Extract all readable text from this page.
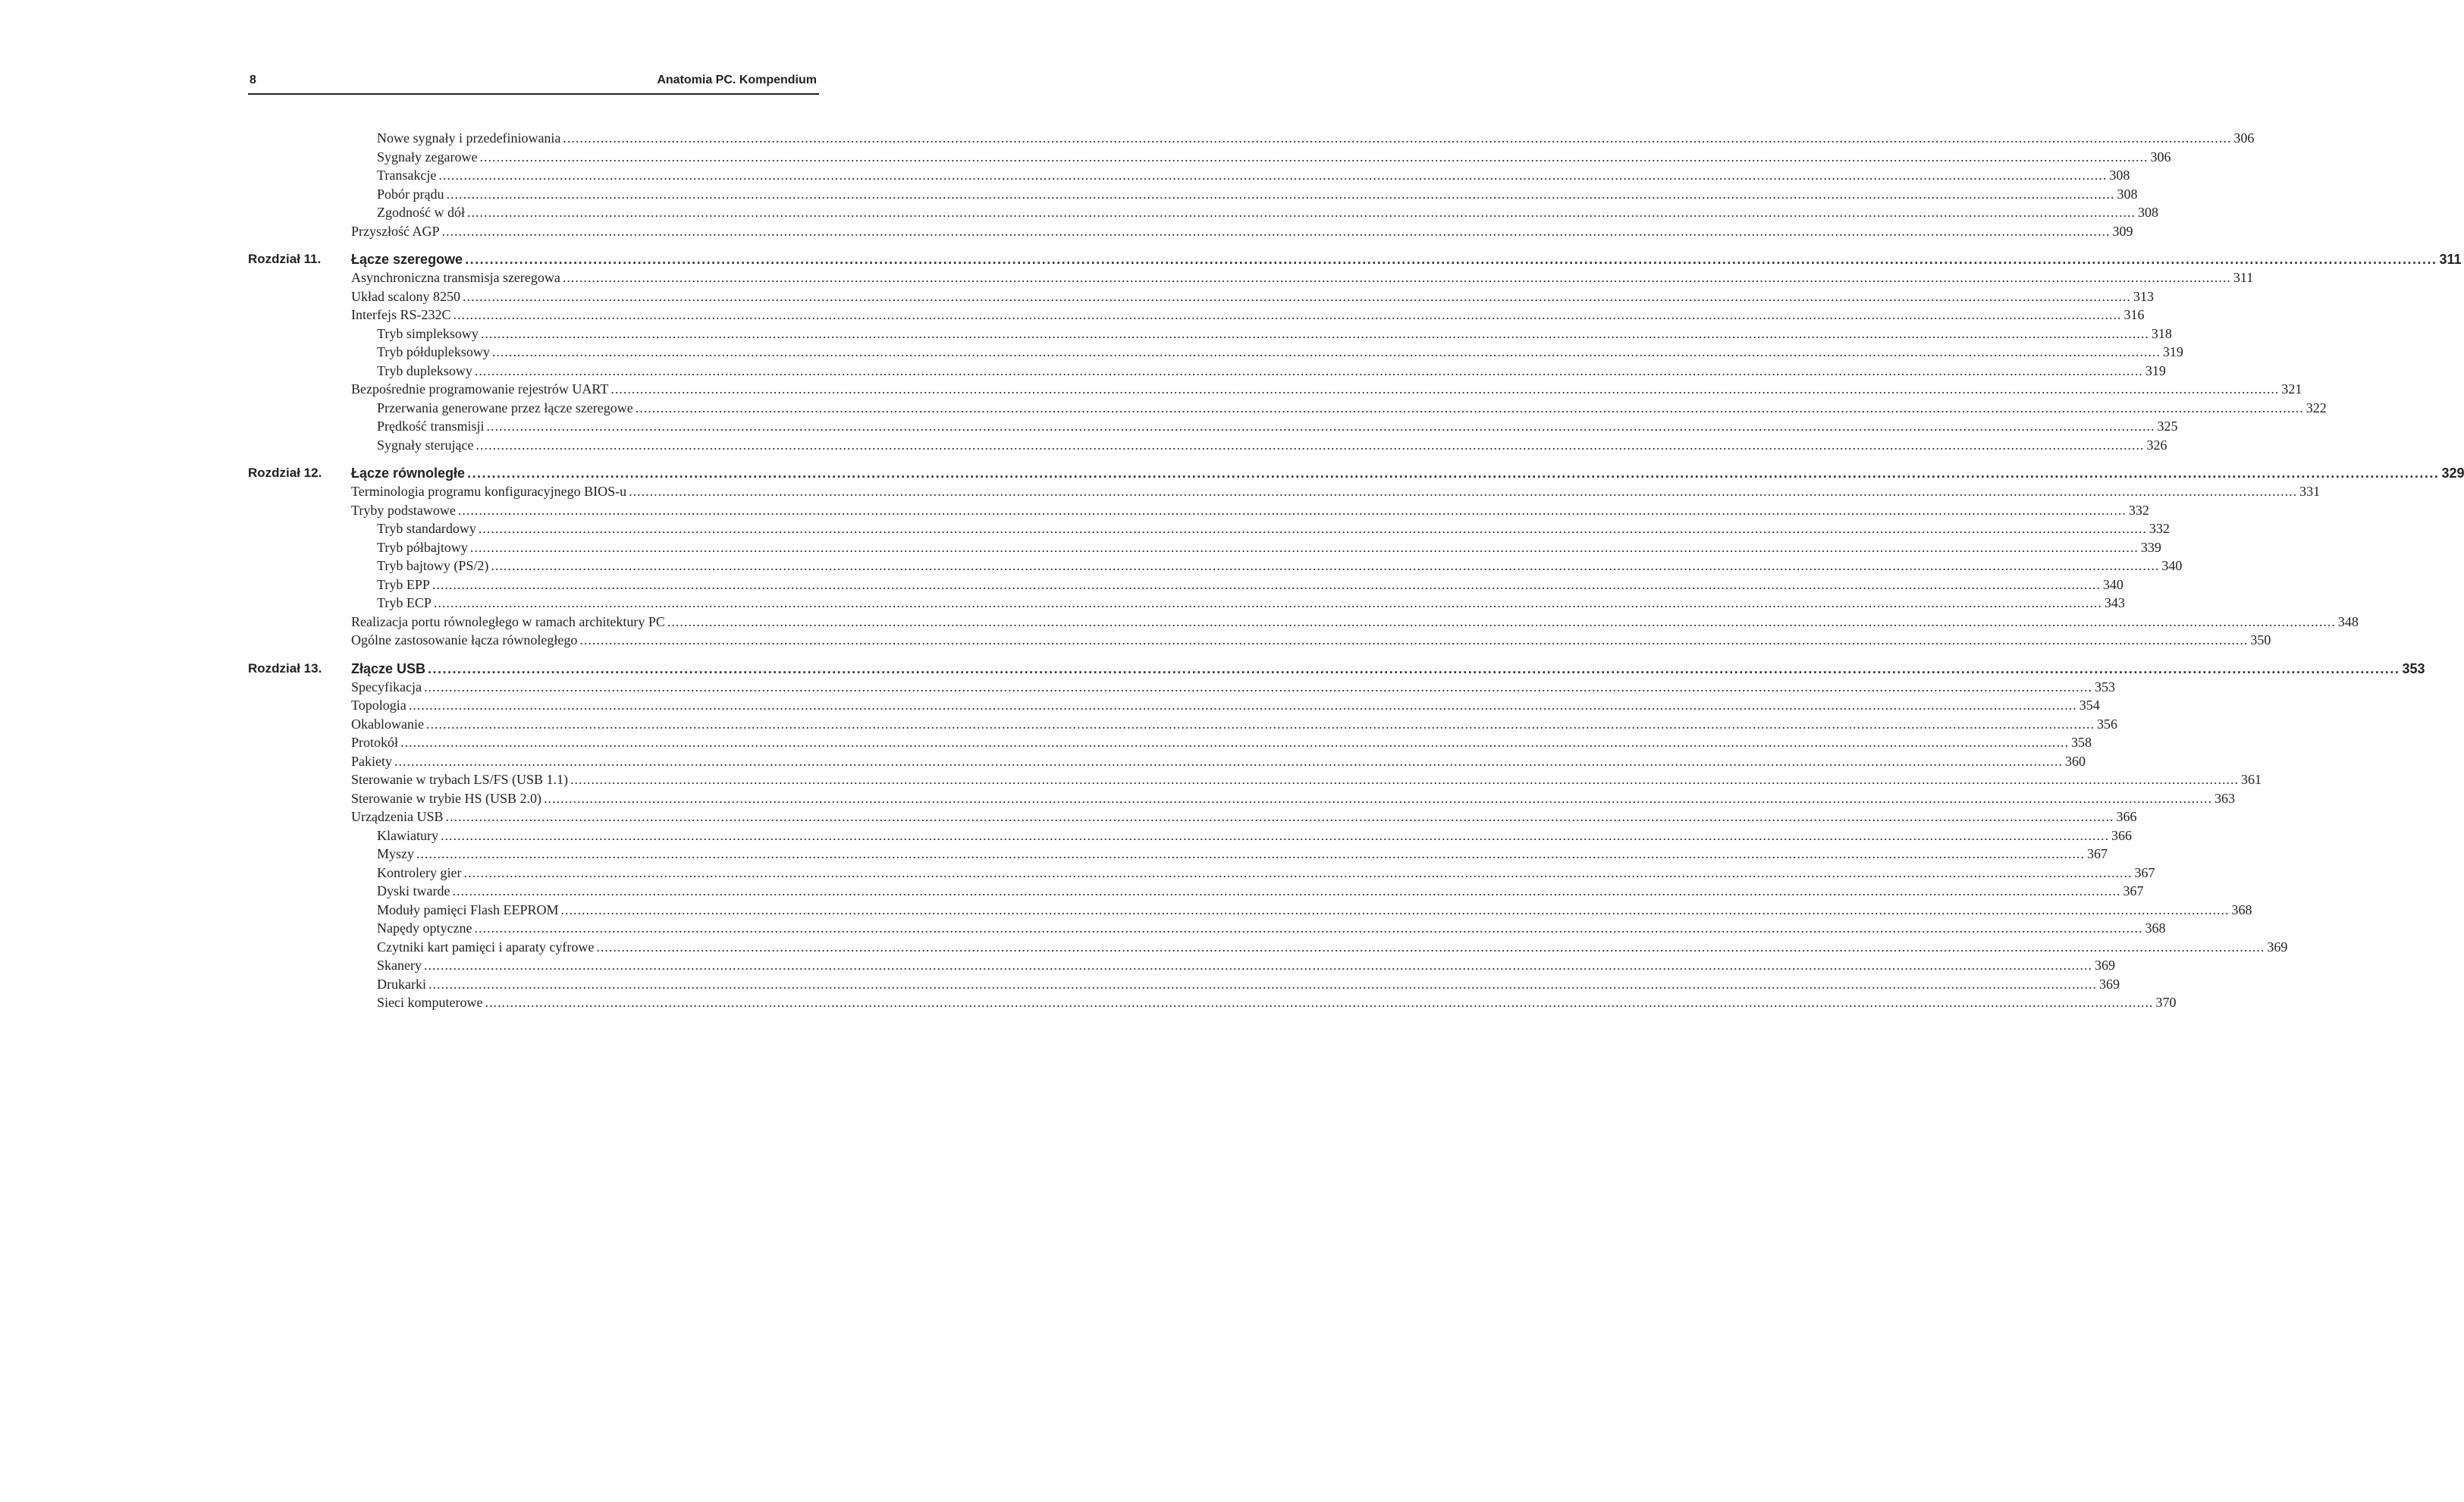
8	Anatomia PC. Kompendium
Nowe sygnały i przedefiniowania ................................................................................................................................................................................................................................................................................................................................................................................................................ 306
Sygnały zegarowe ................................................................................................................................................................................................................................................................................................................................................................................................................ 306
Transakcje ................................................................................................................................................................................................................................................................................................................................................................................................................ 308
Pobór prądu ................................................................................................................................................................................................................................................................................................................................................................................................................ 308
Zgodność w dół ................................................................................................................................................................................................................................................................................................................................................................................................................ 308
Przyszłość AGP ................................................................................................................................................................................................................................................................................................................................................................................................................ 309
Rozdział 11. Łącze szeregowe ................................................................................................................................................................................................................................................................................................................................................................................................................ 311
Asynchroniczna transmisja szeregowa ................................................................................................................................................................................................................................................................................................................................................................................................................ 311
Układ scalony 8250 ................................................................................................................................................................................................................................................................................................................................................................................................................ 313
Interfejs RS-232C ................................................................................................................................................................................................................................................................................................................................................................................................................ 316
Tryb simpleksowy ................................................................................................................................................................................................................................................................................................................................................................................................................ 318
Tryb półdupleksowy ................................................................................................................................................................................................................................................................................................................................................................................................................ 319
Tryb dupleksowy ................................................................................................................................................................................................................................................................................................................................................................................................................ 319
Bezpośrednie programowanie rejestrów UART ................................................................................................................................................................................................................................................................................................................................................................................................................ 321
Przerwania generowane przez łącze szeregowe ................................................................................................................................................................................................................................................................................................................................................................................................................ 322
Prędkość transmisji ................................................................................................................................................................................................................................................................................................................................................................................................................ 325
Sygnały sterujące ................................................................................................................................................................................................................................................................................................................................................................................................................ 326
Rozdział 12. Łącze równoległe ................................................................................................................................................................................................................................................................................................................................................................................................................ 329
Terminologia programu konfiguracyjnego BIOS-u ................................................................................................................................................................................................................................................................................................................................................................................................................ 331
Tryby podstawowe ................................................................................................................................................................................................................................................................................................................................................................................................................ 332
Tryb standardowy ................................................................................................................................................................................................................................................................................................................................................................................................................ 332
Tryb półbajtowy ................................................................................................................................................................................................................................................................................................................................................................................................................ 339
Tryb bajtowy (PS/2) ................................................................................................................................................................................................................................................................................................................................................................................................................ 340
Tryb EPP ................................................................................................................................................................................................................................................................................................................................................................................................................ 340
Tryb ECP ................................................................................................................................................................................................................................................................................................................................................................................................................ 343
Realizacja portu równoległego w ramach architektury PC ................................................................................................................................................................................................................................................................................................................................................................................................................ 348
Ogólne zastosowanie łącza równoległego ................................................................................................................................................................................................................................................................................................................................................................................................................ 350
Rozdział 13. Złącze USB ................................................................................................................................................................................................................................................................................................................................................................................................................ 353
Specyfikacja ................................................................................................................................................................................................................................................................................................................................................................................................................ 353
Topologia ................................................................................................................................................................................................................................................................................................................................................................................................................ 354
Okablowanie ................................................................................................................................................................................................................................................................................................................................................................................................................ 356
Protokół ................................................................................................................................................................................................................................................................................................................................................................................................................ 358
Pakiety ................................................................................................................................................................................................................................................................................................................................................................................................................ 360
Sterowanie w trybach LS/FS (USB 1.1) ................................................................................................................................................................................................................................................................................................................................................................................................................ 361
Sterowanie w trybie HS (USB 2.0) ................................................................................................................................................................................................................................................................................................................................................................................................................ 363
Urządzenia USB ................................................................................................................................................................................................................................................................................................................................................................................................................ 366
Klawiatury ................................................................................................................................................................................................................................................................................................................................................................................................................ 366
Myszy ................................................................................................................................................................................................................................................................................................................................................................................................................ 367
Kontrolery gier ................................................................................................................................................................................................................................................................................................................................................................................................................ 367
Dyski twarde ................................................................................................................................................................................................................................................................................................................................................................................................................ 367
Moduły pamięci Flash EEPROM ................................................................................................................................................................................................................................................................................................................................................................................................................ 368
Napędy optyczne ................................................................................................................................................................................................................................................................................................................................................................................................................ 368
Czytniki kart pamięci i aparaty cyfrowe ................................................................................................................................................................................................................................................................................................................................................................................................................ 369
Skanery ................................................................................................................................................................................................................................................................................................................................................................................................................ 369
Drukarki ................................................................................................................................................................................................................................................................................................................................................................................................................ 369
Sieci komputerowe ................................................................................................................................................................................................................................................................................................................................................................................................................ 370
